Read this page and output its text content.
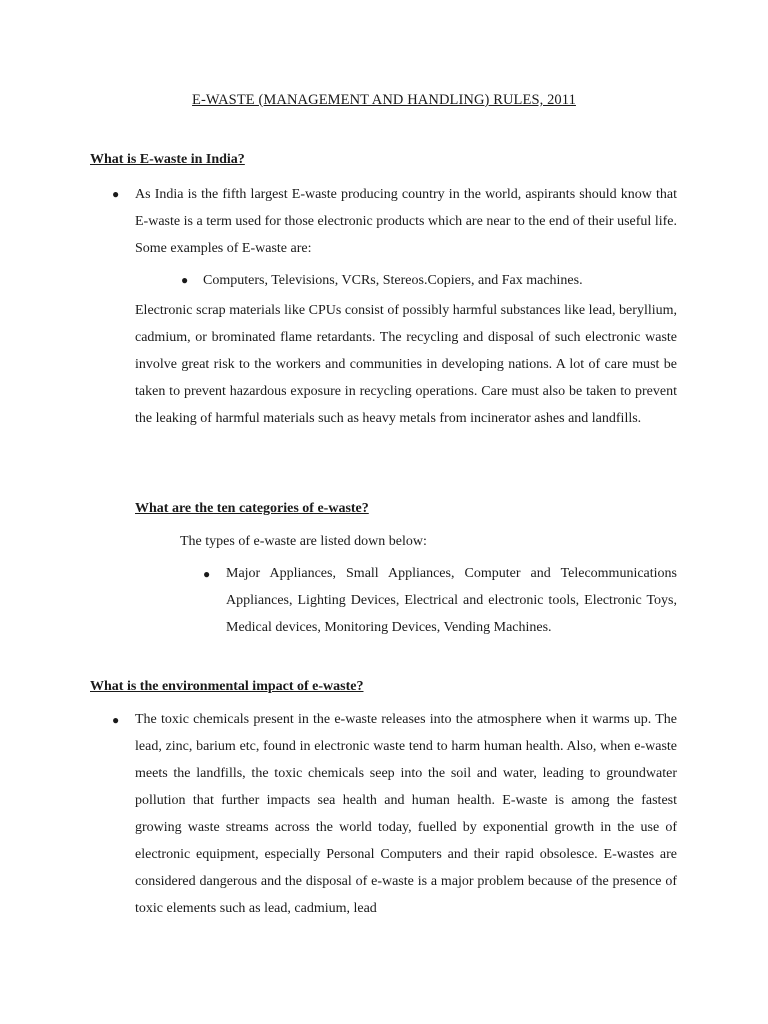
E-WASTE (MANAGEMENT AND HANDLING) RULES, 2011
What is E-waste in India?
● As India is the fifth largest E-waste producing country in the world, aspirants should know that E-waste is a term used for those electronic products which are near to the end of their useful life. Some examples of E-waste are:
● Computers, Televisions, VCRs, Stereos.Copiers, and Fax machines.
Electronic scrap materials like CPUs consist of possibly harmful substances like lead, beryllium, cadmium, or brominated flame retardants. The recycling and disposal of such electronic waste involve great risk to the workers and communities in developing nations. A lot of care must be taken to prevent hazardous exposure in recycling operations. Care must also be taken to prevent the leaking of harmful materials such as heavy metals from incinerator ashes and landfills.
What are the ten categories of e-waste?
The types of e-waste are listed down below:
● Major Appliances, Small Appliances, Computer and Telecommunications Appliances, Lighting Devices, Electrical and electronic tools, Electronic Toys, Medical devices, Monitoring Devices, Vending Machines.
What is the environmental impact of e-waste?
● The toxic chemicals present in the e-waste releases into the atmosphere when it warms up. The lead, zinc, barium etc, found in electronic waste tend to harm human health. Also, when e-waste meets the landfills, the toxic chemicals seep into the soil and water, leading to groundwater pollution that further impacts sea health and human health. E-waste is among the fastest growing waste streams across the world today, fuelled by exponential growth in the use of electronic equipment, especially Personal Computers and their rapid obsolesce. E-wastes are considered dangerous and the disposal of e-waste is a major problem because of the presence of toxic elements such as lead, cadmium, lead
